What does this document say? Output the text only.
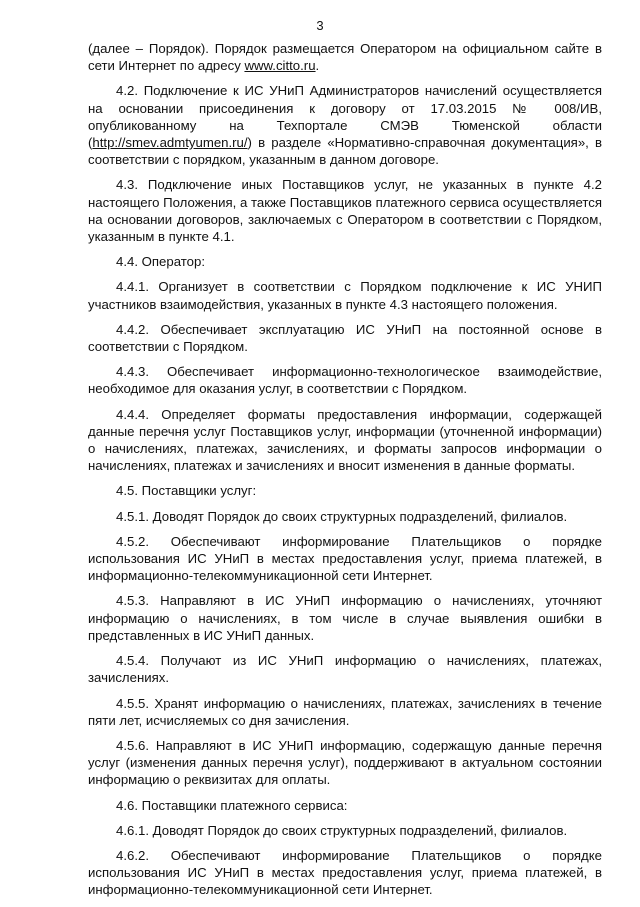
3

(далее – Порядок). Порядок размещается Оператором на официальном сайте в сети Интернет по адресу www.citto.ru.

4.2. Подключение к ИС УНиП Администраторов начислений осуществляется на основании присоединения к договору от 17.03.2015 № 008/ИВ, опубликованному на Техпортале СМЭВ Тюменской области (http://smev.admtyumen.ru/) в разделе «Нормативно-справочная документация», в соответствии с порядком, указанным в данном договоре.

4.3. Подключение иных Поставщиков услуг, не указанных в пункте 4.2 настоящего Положения, а также Поставщиков платежного сервиса осуществляется на основании договоров, заключаемых с Оператором в соответствии с Порядком, указанным в пункте 4.1.

4.4. Оператор:

4.4.1. Организует в соответствии с Порядком подключение к ИС УНИП участников взаимодействия, указанных в пункте 4.3 настоящего положения.

4.4.2. Обеспечивает эксплуатацию ИС УНиП на постоянной основе в соответствии с Порядком.

4.4.3. Обеспечивает информационно-технологическое взаимодействие, необходимое для оказания услуг, в соответствии с Порядком.

4.4.4. Определяет форматы предоставления информации, содержащей данные перечня услуг Поставщиков услуг, информации (уточненной информации) о начислениях, платежах, зачислениях, и форматы запросов информации о начислениях, платежах и зачислениях и вносит изменения в данные форматы.

4.5. Поставщики услуг:

4.5.1. Доводят Порядок до своих структурных подразделений, филиалов.

4.5.2. Обеспечивают информирование Плательщиков о порядке использования ИС УНиП в местах предоставления услуг, приема платежей, в информационно-телекоммуникационной сети Интернет.

4.5.3. Направляют в ИС УНиП информацию о начислениях, уточняют информацию о начислениях, в том числе в случае выявления ошибки в представленных в ИС УНиП данных.

4.5.4. Получают из ИС УНиП информацию о начислениях, платежах, зачислениях.

4.5.5. Хранят информацию о начислениях, платежах, зачислениях в течение пяти лет, исчисляемых со дня зачисления.

4.5.6. Направляют в ИС УНиП информацию, содержащую данные перечня услуг (изменения данных перечня услуг), поддерживают в актуальном состоянии информацию о реквизитах для оплаты.

4.6. Поставщики платежного сервиса:

4.6.1. Доводят Порядок до своих структурных подразделений, филиалов.

4.6.2. Обеспечивают информирование Плательщиков о порядке использования ИС УНиП в местах предоставления услуг, приема платежей, в информационно-телекоммуникационной сети Интернет.
